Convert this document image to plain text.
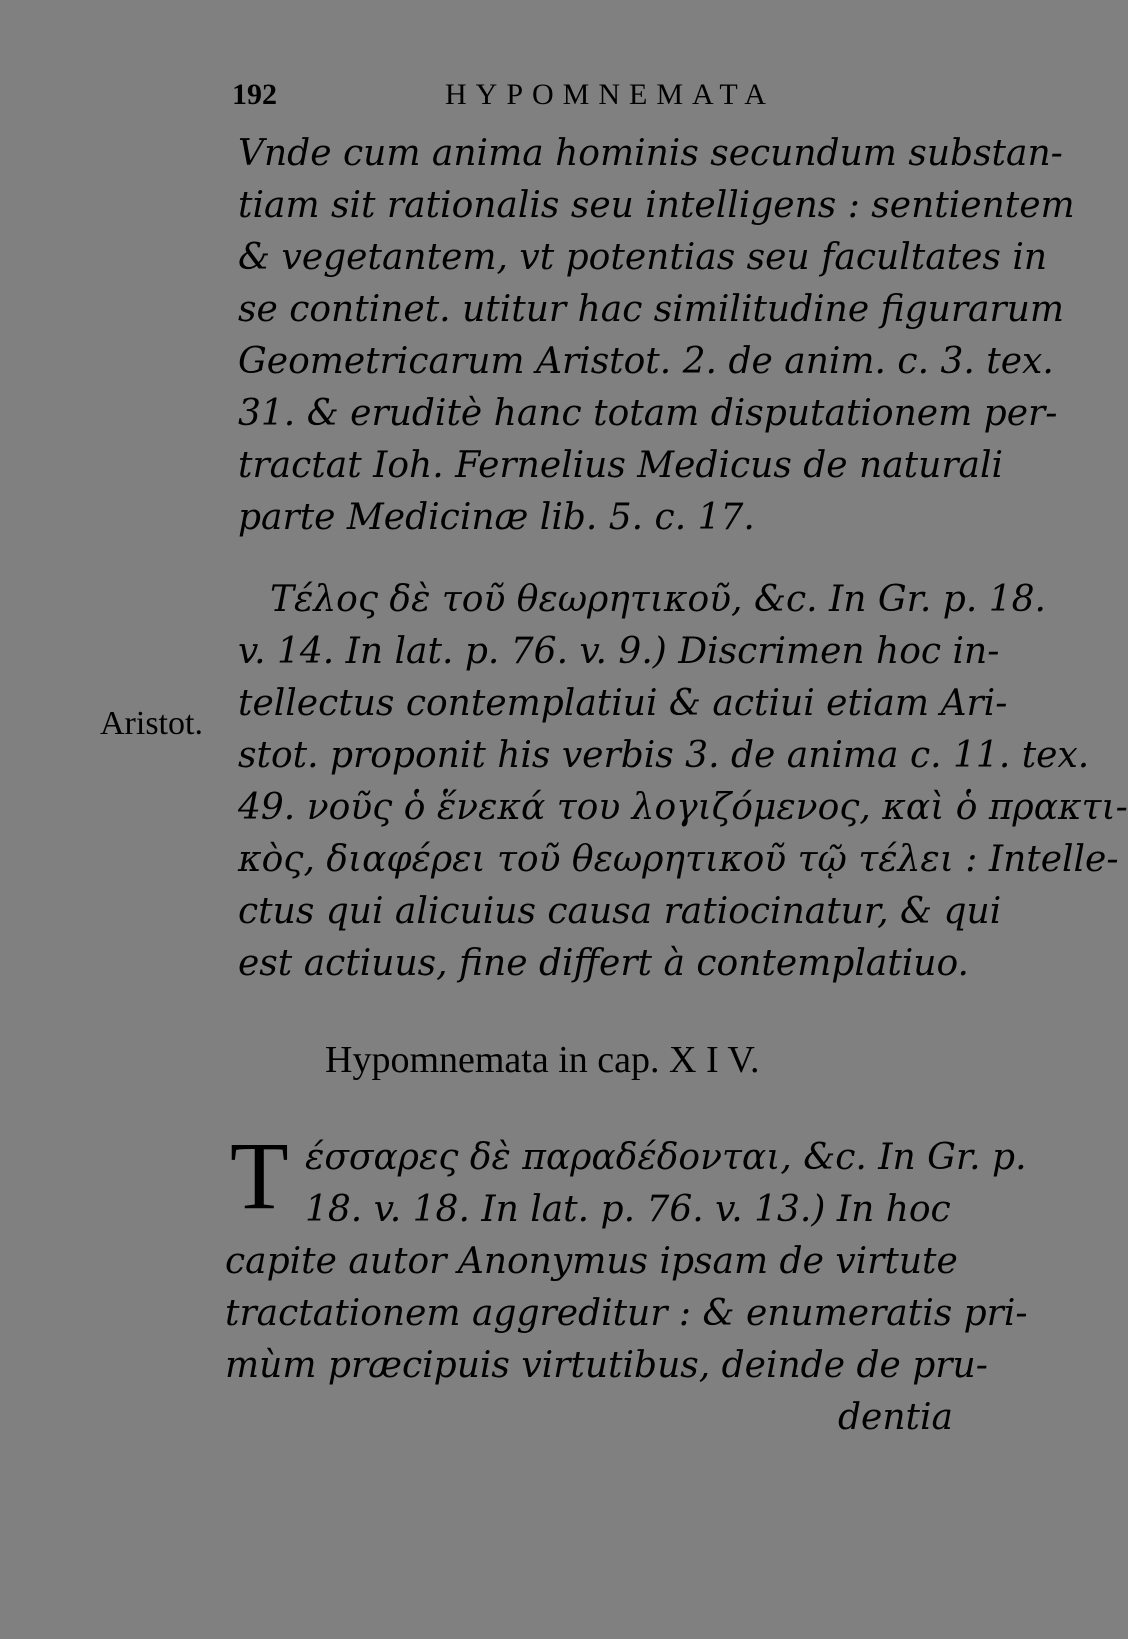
192	HYPOMNEMATA
Vnde cum anima hominis secundum substan-
tiam sit rationalis seu intelligens : sentientem
& vegetantem, vt potentias seu facultates in
se continet. utitur hac similitudine figurarum
Geometricarum Aristot. 2. de anim. c. 3. tex.
31. & eruditè hanc totam disputationem per-
tractat Ioh. Fernelius Medicus de naturali
parte Medicinæ lib. 5. c. 17.
Τέλος δὲ τοῦ θεωρητικοῦ, &c. In Gr. p. 18.
v. 14. In lat. p. 76. v. 9.) Discrimen hoc in-
tellectus contemplatiui & actiui etiam Ari-
stot. proponit his verbis 3. de anima c. 11. tex.
49. νοῦς ὁ ἕνεκά του λογιζόμενος, καὶ ὁ πρακτι-
κὸς, διαφέρει τοῦ θεωρητικοῦ τῷ τέλει : Intelle-
ctus qui alicuius causa ratiocinatur, & qui
est actiuus, fine differt à contemplatiuo.
Aristot.
Hypomnemata in cap. X I V.
T έσσαρες δὲ παραδέδονται, &c. In Gr. p.
18. v. 18. In lat. p. 76. v. 13.) In hoc
capite autor Anonymus ipsam de virtute
tractationem aggreditur : & enumeratis pri-
mùm præcipuis virtutibus, deinde de pru-
dentia
